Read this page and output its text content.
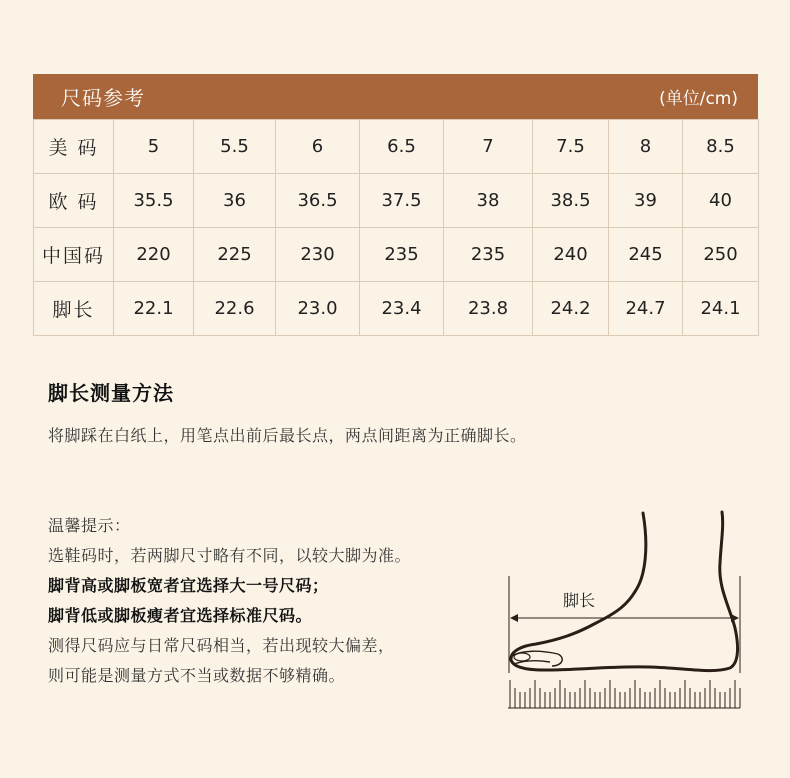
尺码参考	(单位/cm)
美 码	5	5.5	6	6.5	7	7.5	8	8.5
欧 码	35.5	36	36.5	37.5	38	38.5	39	40
中国码	220	225	230	235	235	240	245	250
脚长	22.1	22.6	23.0	23.4	23.8	24.2	24.7	24.1
脚长测量方法
将脚踩在白纸上，用笔点出前后最长点，两点间距离为正确脚长。
温馨提示：
选鞋码时，若两脚尺寸略有不同，以较大脚为准。
脚背高或脚板宽者宜选择大一号尺码；
脚背低或脚板瘦者宜选择标准尺码。
测得尺码应与日常尺码相当，若出现较大偏差，
则可能是测量方式不当或数据不够精确。
脚长
